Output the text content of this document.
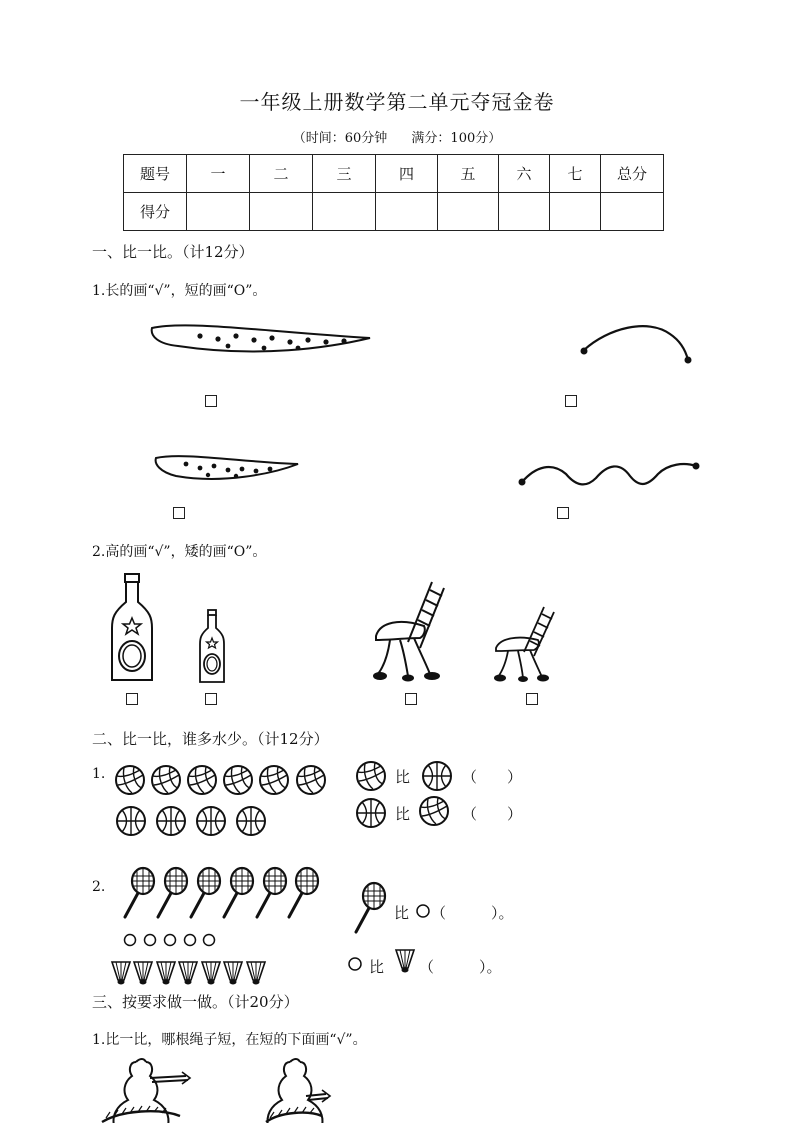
一年级上册数学第二单元夺冠金卷
（时间：60分钟 满分：100分）
题号	一	二	三	四	五	六	七	总分
得分								
一、比一比。（计12分）
1.长的画“√”，短的画“O”。
2.高的画“√”，矮的画“O”。
二、比一比，谁多水少。（计12分）
1.	比	（　　）
比	（　　）
2.
比 （　　　）。
比 （　　　）。
三、按要求做一做。（计20分）
1.比一比，哪根绳子短，在短的下面画“√”。
